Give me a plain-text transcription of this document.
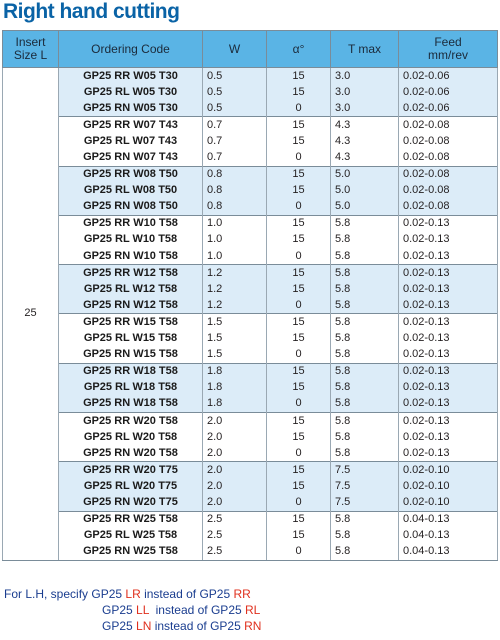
Right hand cutting
Insert
Size L	Ordering Code	W	α°	T max	Feed
mm/rev
25	GP25 RR W05 T30	0.5	15	3.0	0.02-0.06
	GP25 RL W05 T30	0.5	15	3.0	0.02-0.06
	GP25 RN W05 T30	0.5	0	3.0	0.02-0.06
	GP25 RR W07 T43	0.7	15	4.3	0.02-0.08
	GP25 RL W07 T43	0.7	15	4.3	0.02-0.08
	GP25 RN W07 T43	0.7	0	4.3	0.02-0.08
	GP25 RR W08 T50	0.8	15	5.0	0.02-0.08
	GP25 RL W08 T50	0.8	15	5.0	0.02-0.08
	GP25 RN W08 T50	0.8	0	5.0	0.02-0.08
	GP25 RR W10 T58	1.0	15	5.8	0.02-0.13
	GP25 RL W10 T58	1.0	15	5.8	0.02-0.13
	GP25 RN W10 T58	1.0	0	5.8	0.02-0.13
	GP25 RR W12 T58	1.2	15	5.8	0.02-0.13
	GP25 RL W12 T58	1.2	15	5.8	0.02-0.13
	GP25 RN W12 T58	1.2	0	5.8	0.02-0.13
	GP25 RR W15 T58	1.5	15	5.8	0.02-0.13
	GP25 RL W15 T58	1.5	15	5.8	0.02-0.13
	GP25 RN W15 T58	1.5	0	5.8	0.02-0.13
	GP25 RR W18 T58	1.8	15	5.8	0.02-0.13
	GP25 RL W18 T58	1.8	15	5.8	0.02-0.13
	GP25 RN W18 T58	1.8	0	5.8	0.02-0.13
	GP25 RR W20 T58	2.0	15	5.8	0.02-0.13
	GP25 RL W20 T58	2.0	15	5.8	0.02-0.13
	GP25 RN W20 T58	2.0	0	5.8	0.02-0.13
	GP25 RR W20 T75	2.0	15	7.5	0.02-0.10
	GP25 RL W20 T75	2.0	15	7.5	0.02-0.10
	GP25 RN W20 T75	2.0	0	7.5	0.02-0.10
	GP25 RR W25 T58	2.5	15	5.8	0.04-0.13
	GP25 RL W25 T58	2.5	15	5.8	0.04-0.13
	GP25 RN W25 T58	2.5	0	5.8	0.04-0.13
For L.H, specify GP25 LR instead of GP25 RR
GP25 LL  instead of GP25 RL
GP25 LN instead of GP25 RN
